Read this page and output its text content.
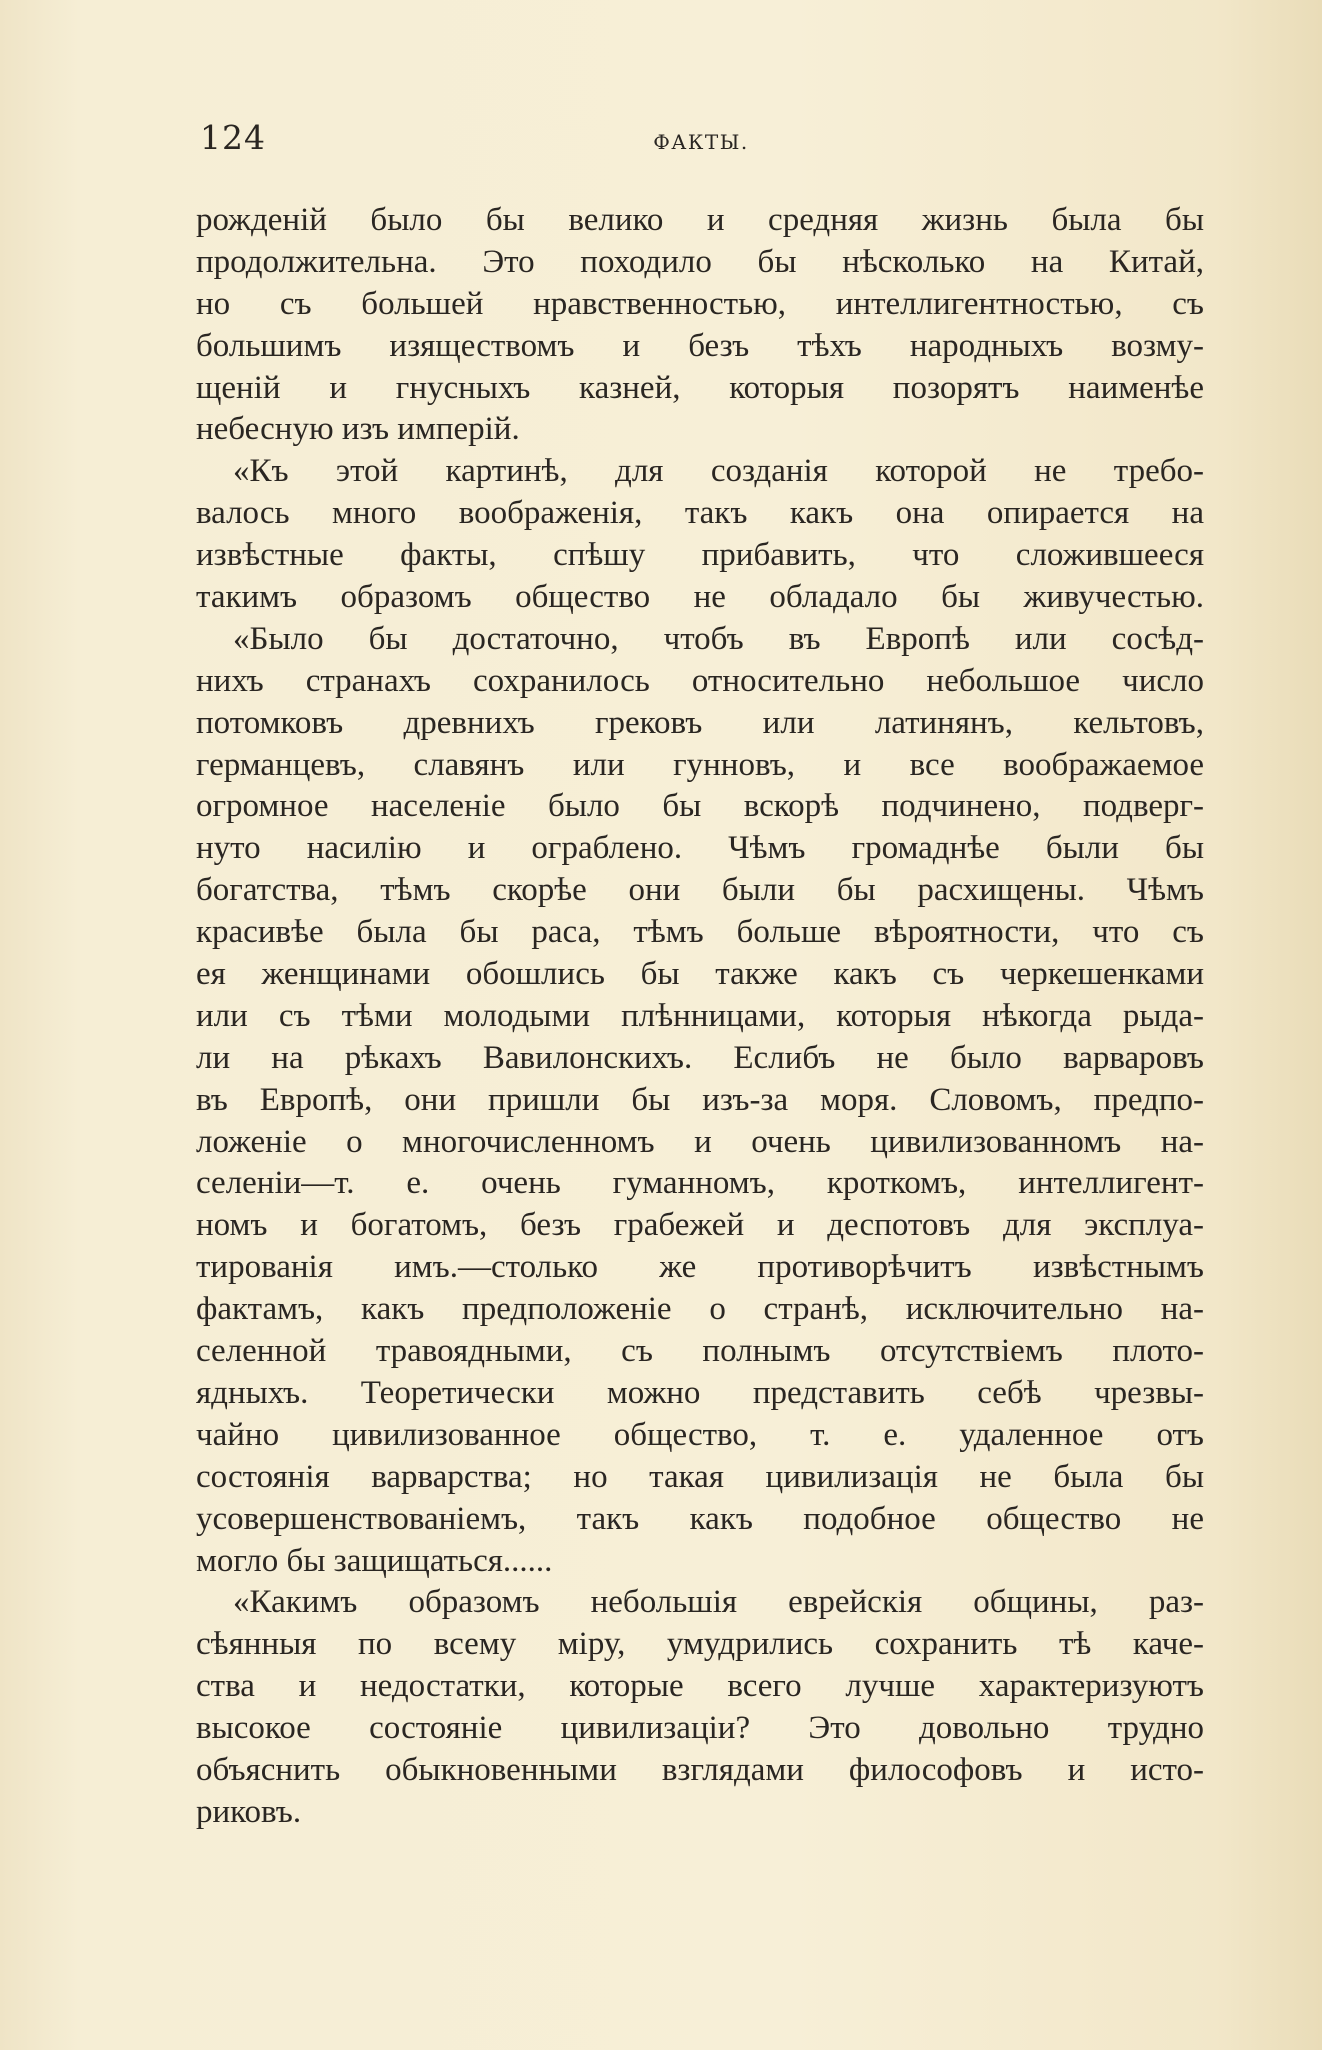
124	ФАКТЫ.
рожденій было бы велико и средняя жизнь была бы
продолжительна. Это походило бы нѣсколько на Китай,
но съ большей нравственностью, интеллигентностью, съ
большимъ изяществомъ и безъ тѣхъ народныхъ возму-
щеній и гнусныхъ казней, которыя позорятъ наименѣе
небесную изъ имперій.
«Къ этой картинѣ, для созданія которой не требо-
валось много воображенія, такъ какъ она опирается на
извѣстные факты, спѣшу прибавить, что сложившееся
такимъ образомъ общество не обладало бы живучестью.
«Было бы достаточно, чтобъ въ Европѣ или сосѣд-
нихъ странахъ сохранилось относительно небольшое число
потомковъ древнихъ грековъ или латинянъ, кельтовъ,
германцевъ, славянъ или гунновъ, и все воображаемое
огромное населеніе было бы вскорѣ подчинено, подверг-
нуто насилію и ограблено. Чѣмъ громаднѣе были бы
богатства, тѣмъ скорѣе они были бы расхищены. Чѣмъ
красивѣе была бы раса, тѣмъ больше вѣроятности, что съ
ея женщинами обошлись бы также какъ съ черкешенками
или съ тѣми молодыми плѣнницами, которыя нѣкогда рыда-
ли на рѣкахъ Вавилонскихъ. Еслибъ не было варваровъ
въ Европѣ, они пришли бы изъ-за моря. Словомъ, предпо-
ложеніе о многочисленномъ и очень цивилизованномъ на-
селеніи—т. е. очень гуманномъ, кроткомъ, интеллигент-
номъ и богатомъ, безъ грабежей и деспотовъ для эксплуа-
тированія имъ.—столько же противорѣчитъ извѣстнымъ
фактамъ, какъ предположеніе о странѣ, исключительно на-
селенной травоядными, съ полнымъ отсутствіемъ плото-
ядныхъ. Теоретически можно представить себѣ чрезвы-
чайно цивилизованное общество, т. е. удаленное отъ
состоянія варварства; но такая цивилизація не была бы
усовершенствованіемъ, такъ какъ подобное общество не
могло бы защищаться......
«Какимъ образомъ небольшія еврейскія общины, раз-
сѣянныя по всему міру, умудрились сохранить тѣ каче-
ства и недостатки, которые всего лучше характеризуютъ
высокое состояніе цивилизаціи? Это довольно трудно
объяснить обыкновенными взглядами философовъ и исто-
риковъ.
